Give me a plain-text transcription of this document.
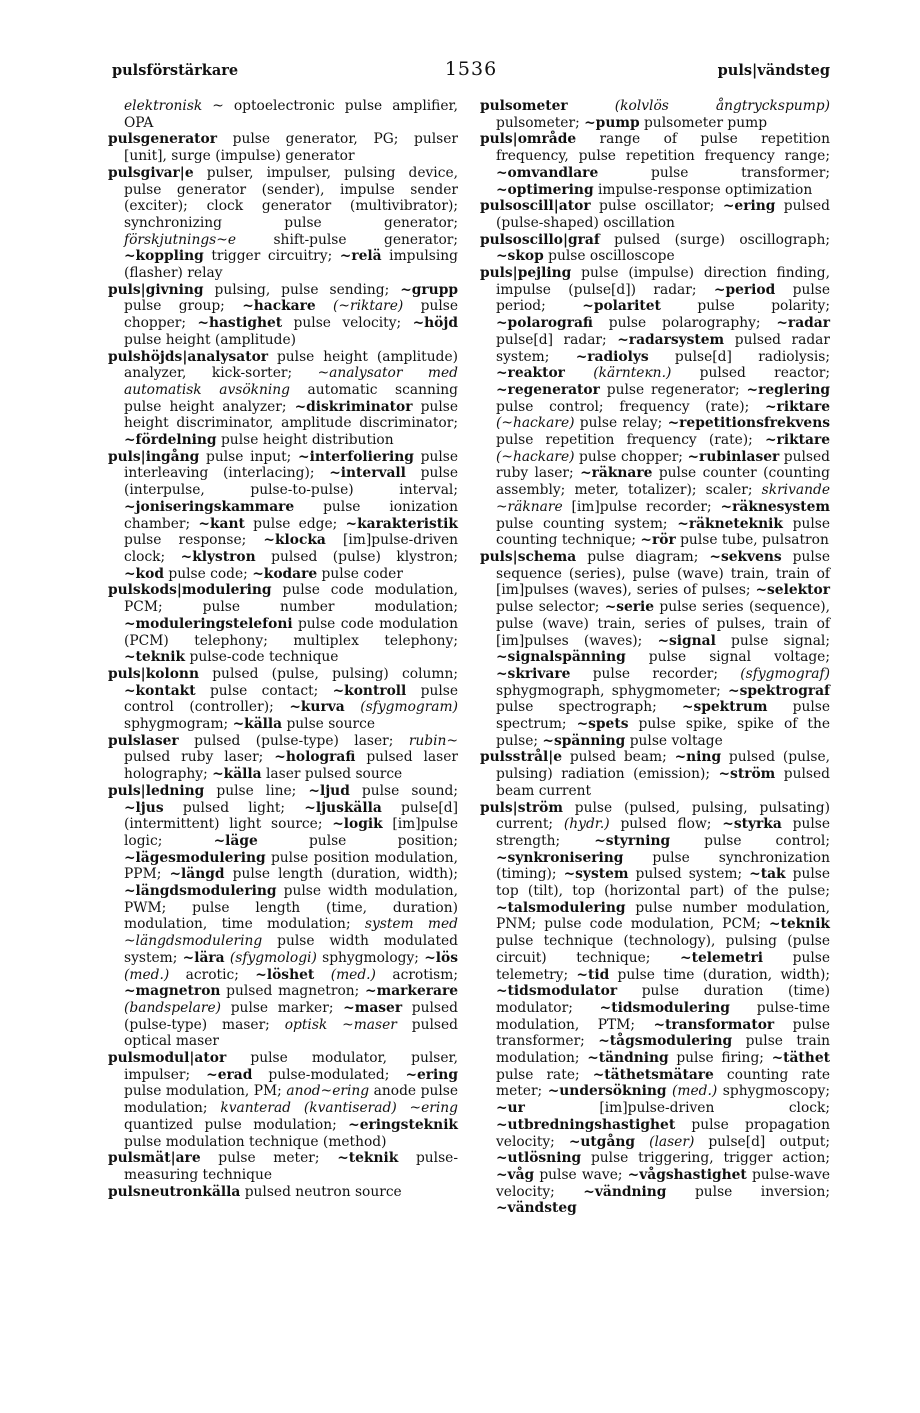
pulsförstärkare	1536	puls|vändsteg

elektronisk ~ optoelectronic pulse amplifier, OPA

pulsgenerator pulse generator, PG; pulser [unit], surge (impulse) generator

pulsgivar|e pulser, impulser, pulsing device, pulse generator (sender), impulse sender (exciter); clock generator (multivibrator); synchronizing pulse generator; förskjutnings~e shift-pulse generator; ~koppling trigger circuitry; ~relä impulsing (flasher) relay

puls|givning pulsing, pulse sending; ~grupp pulse group; ~hackare (~riktare) pulse chopper; ~hastighet pulse velocity; ~höjd pulse height (amplitude)

pulshöjds|analysator pulse height (amplitude) analyzer, kick-sorter; ~analysator med automatisk avsökning automatic scanning pulse height analyzer; ~diskriminator pulse height discriminator, amplitude discriminator; ~fördelning pulse height distribution

puls|ingång pulse input; ~interfoliering pulse interleaving (interlacing); ~intervall pulse (interpulse, pulse-to-pulse) interval; ~joniseringskammare pulse ionization chamber; ~kant pulse edge; ~karakteristik pulse response; ~klocka [im]pulse-driven clock; ~klystron pulsed (pulse) klystron; ~kod pulse code; ~kodare pulse coder

pulskods|modulering pulse code modulation, PCM; pulse number modulation; ~moduleringstelefoni pulse code modulation (PCM) telephony; multiplex telephony; ~teknik pulse-code technique

puls|kolonn pulsed (pulse, pulsing) column; ~kontakt pulse contact; ~kontroll pulse control (controller); ~kurva (sfygmogram) sphygmogram; ~källa pulse source

pulslaser pulsed (pulse-type) laser; rubin~ pulsed ruby laser; ~holografi pulsed laser holography; ~källa laser pulsed source

puls|ledning pulse line; ~ljud pulse sound; ~ljus pulsed light; ~ljuskälla pulse[d] (intermittent) light source; ~logik [im]pulse logic; ~läge pulse position; ~lägesmodulering pulse position modulation, PPM; ~längd pulse length (duration, width); ~längdsmodulering pulse width modulation, PWM; pulse length (time, duration) modulation, time modulation; system med ~längdsmodulering pulse width modulated system; ~lära (sfygmologi) sphygmology; ~lös (med.) acrotic; ~löshet (med.) acrotism; ~magnetron pulsed magnetron; ~markerare (bandspelare) pulse marker; ~maser pulsed (pulse-type) maser; optisk ~maser pulsed optical maser

pulsmodul|ator pulse modulator, pulser, impulser; ~erad pulse-modulated; ~ering pulse modulation, PM; anod~ering anode pulse modulation; kvanterad (kvantiserad) ~ering quantized pulse modulation; ~eringsteknik pulse modulation technique (method)

pulsmät|are pulse meter; ~teknik pulse-measuring technique

pulsneutronkälla pulsed neutron source

pulsometer	(kolvlös ångtryckspump) pulsometer; ~pump pulsometer pump

puls|område range of pulse repetition frequency, pulse repetition frequency range; ~omvandlare pulse transformer; ~optimering impulse-response optimization

pulsoscill|ator pulse oscillator; ~ering pulsed (pulse-shaped) oscillation

pulsoscillo|graf pulsed (surge) oscillograph; ~skop pulse oscilloscope

puls|pejling pulse (impulse) direction finding, impulse (pulse[d]) radar; ~period pulse period; ~polaritet pulse polarity; ~polarografi pulse polarography; ~radar pulse[d] radar; ~radarsystem pulsed radar system; ~radiolys pulse[d] radiolysis; ~reaktor (kärnteкn.) pulsed reactor; ~regenerator pulse regenerator; ~reglering pulse control; frequency (rate); ~riktare (~hackare) pulse relay; ~repetitionsfrekvens pulse repetition frequency (rate); ~riktare (~hackare) pulse chopper; ~rubinlaser pulsed ruby laser; ~räknare pulse counter (counting assembly; meter, totalizer); scaler; skrivande ~räknare [im]pulse recorder; ~räknesystem pulse counting system; ~räkneteknik pulse counting technique; ~rör pulse tube, pulsatron

puls|schema pulse diagram; ~sekvens pulse sequence (series), pulse (wave) train, train of [im]pulses (waves), series of pulses; ~selektor pulse selector; ~serie pulse series (sequence), pulse (wave) train, series of pulses, train of [im]pulses (waves); ~signal pulse signal; ~signalspänning pulse signal voltage; ~skrivare pulse recorder; (sfygmograf) sphygmograph, sphygmometer; ~spektrograf pulse spectrograph; ~spektrum pulse spectrum; ~spets pulse spike, spike of the pulse; ~spänning pulse voltage

pulsstrål|e pulsed beam; ~ning pulsed (pulse, pulsing) radiation (emission); ~ström pulsed beam current

puls|ström pulse (pulsed, pulsing, pulsating) current; (hydr.) pulsed flow; ~styrka pulse strength; ~styrning pulse control; ~synkronisering pulse synchronization (timing); ~system pulsed system; ~tak pulse top (tilt), top (horizontal part) of the pulse; ~talsmodulering pulse number modulation, PNM; pulse code modulation, PCM; ~teknik pulse technique (technology), pulsing (pulse circuit) technique; ~telemetri pulse telemetry; ~tid pulse time (duration, width); ~tidsmodulator pulse duration (time) modulator; ~tidsmodulering pulse-time modulation, PTM; ~transformator pulse transformer; ~tågsmodulering pulse train modulation; ~tändning pulse firing; ~täthet pulse rate; ~täthetsmätare counting rate meter; ~undersökning (med.) sphygmoscopy; ~ur [im]pulse-driven clock; ~utbredningshastighet pulse propagation velocity; ~utgång (laser) pulse[d] output; ~utlösning pulse triggering, trigger action; ~våg pulse wave; ~vågshastighet pulse-wave velocity; ~vändning pulse inversion; ~vändsteg
